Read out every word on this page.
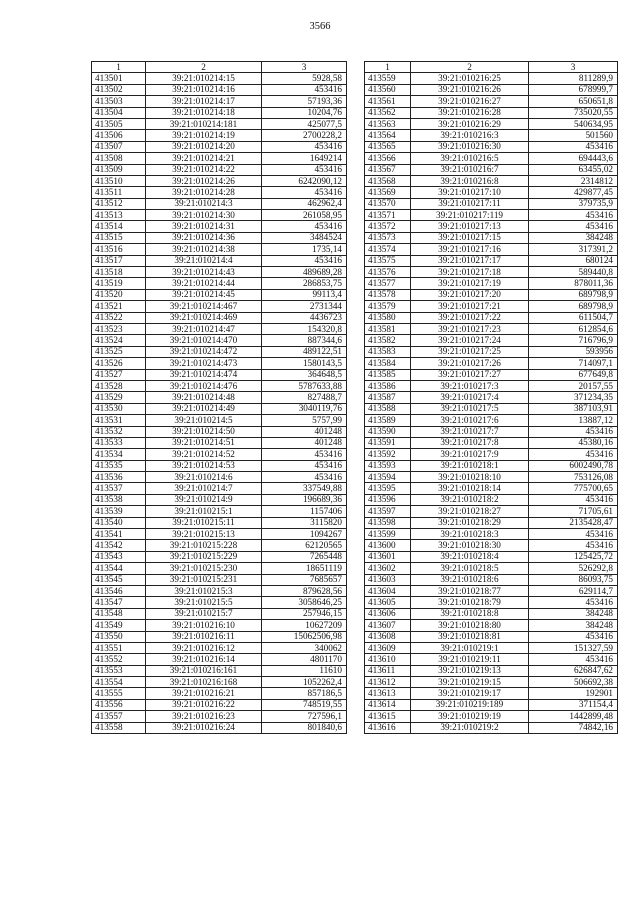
3566
1	2	3
413501	39:21:010214:15	5928,58
413502	39:21:010214:16	453416
413503	39:21:010214:17	57193,36
413504	39:21:010214:18	10204,76
413505	39:21:010214:181	425077,5
413506	39:21:010214:19	2700228,2
413507	39:21:010214:20	453416
413508	39:21:010214:21	1649214
413509	39:21:010214:22	453416
413510	39:21:010214:26	6242090,12
413511	39:21:010214:28	453416
413512	39:21:010214:3	462962,4
413513	39:21:010214:30	261058,95
413514	39:21:010214:31	453416
413515	39:21:010214:36	3484524
413516	39:21:010214:38	1735,14
413517	39:21:010214:4	453416
413518	39:21:010214:43	489689,28
413519	39:21:010214:44	286853,75
413520	39:21:010214:45	99113,4
413521	39:21:010214:467	2731344
413522	39:21:010214:469	4436723
413523	39:21:010214:47	154320,8
413524	39:21:010214:470	887344,6
413525	39:21:010214:472	489122,51
413526	39:21:010214:473	1580143,5
413527	39:21:010214:474	364648,5
413528	39:21:010214:476	5787633,88
413529	39:21:010214:48	827488,7
413530	39:21:010214:49	3040119,76
413531	39:21:010214:5	5757,99
413532	39:21:010214:50	401248
413533	39:21:010214:51	401248
413534	39:21:010214:52	453416
413535	39:21:010214:53	453416
413536	39:21:010214:6	453416
413537	39:21:010214:7	337549,88
413538	39:21:010214:9	196689,36
413539	39:21:010215:1	1157406
413540	39:21:010215:11	3115820
413541	39:21:010215:13	1094267
413542	39:21:010215:228	62120565
413543	39:21:010215:229	7265448
413544	39:21:010215:230	18651119
413545	39:21:010215:231	7685657
413546	39:21:010215:3	879628,56
413547	39:21:010215:5	3058646,25
413548	39:21:010215:7	257946,15
413549	39:21:010216:10	10627209
413550	39:21:010216:11	15062506,98
413551	39:21:010216:12	340062
413552	39:21:010216:14	4801170
413553	39:21:010216:161	11610
413554	39:21:010216:168	1052262,4
413555	39:21:010216:21	857186,5
413556	39:21:010216:22	748519,55
413557	39:21:010216:23	727596,1
413558	39:21:010216:24	801840,6
1	2	3
413559	39:21:010216:25	811289,9
413560	39:21:010216:26	678999,7
413561	39:21:010216:27	650651,8
413562	39:21:010216:28	735020,55
413563	39:21:010216:29	540634,95
413564	39:21:010216:3	501560
413565	39:21:010216:30	453416
413566	39:21:010216:5	694443,6
413567	39:21:010216:7	63455,02
413568	39:21:010216:8	2314812
413569	39:21:010217:10	429877,45
413570	39:21:010217:11	379735,9
413571	39:21:010217:119	453416
413572	39:21:010217:13	453416
413573	39:21:010217:15	384248
413574	39:21:010217:16	317391,2
413575	39:21:010217:17	680124
413576	39:21:010217:18	589440,8
413577	39:21:010217:19	878011,36
413578	39:21:010217:20	689798,9
413579	39:21:010217:21	689798,9
413580	39:21:010217:22	611504,7
413581	39:21:010217:23	612854,6
413582	39:21:010217:24	716796,9
413583	39:21:010217:25	593956
413584	39:21:010217:26	714097,1
413585	39:21:010217:27	677649,8
413586	39:21:010217:3	20157,55
413587	39:21:010217:4	371234,35
413588	39:21:010217:5	387103,91
413589	39:21:010217:6	13887,12
413590	39:21:010217:7	453416
413591	39:21:010217:8	45380,16
413592	39:21:010217:9	453416
413593	39:21:010218:1	6002490,78
413594	39:21:010218:10	753126,08
413595	39:21:010218:14	775700,65
413596	39:21:010218:2	453416
413597	39:21:010218:27	71705,61
413598	39:21:010218:29	2135428,47
413599	39:21:010218:3	453416
413600	39:21:010218:30	453416
413601	39:21:010218:4	125425,72
413602	39:21:010218:5	526292,8
413603	39:21:010218:6	86093,75
413604	39:21:010218:77	629114,7
413605	39:21:010218:79	453416
413606	39:21:010218:8	384248
413607	39:21:010218:80	384248
413608	39:21:010218:81	453416
413609	39:21:010219:1	151327,59
413610	39:21:010219:11	453416
413611	39:21:010219:13	626847,62
413612	39:21:010219:15	506692,38
413613	39:21:010219:17	192901
413614	39:21:010219:189	371154,4
413615	39:21:010219:19	1442899,48
413616	39:21:010219:2	74842,16
